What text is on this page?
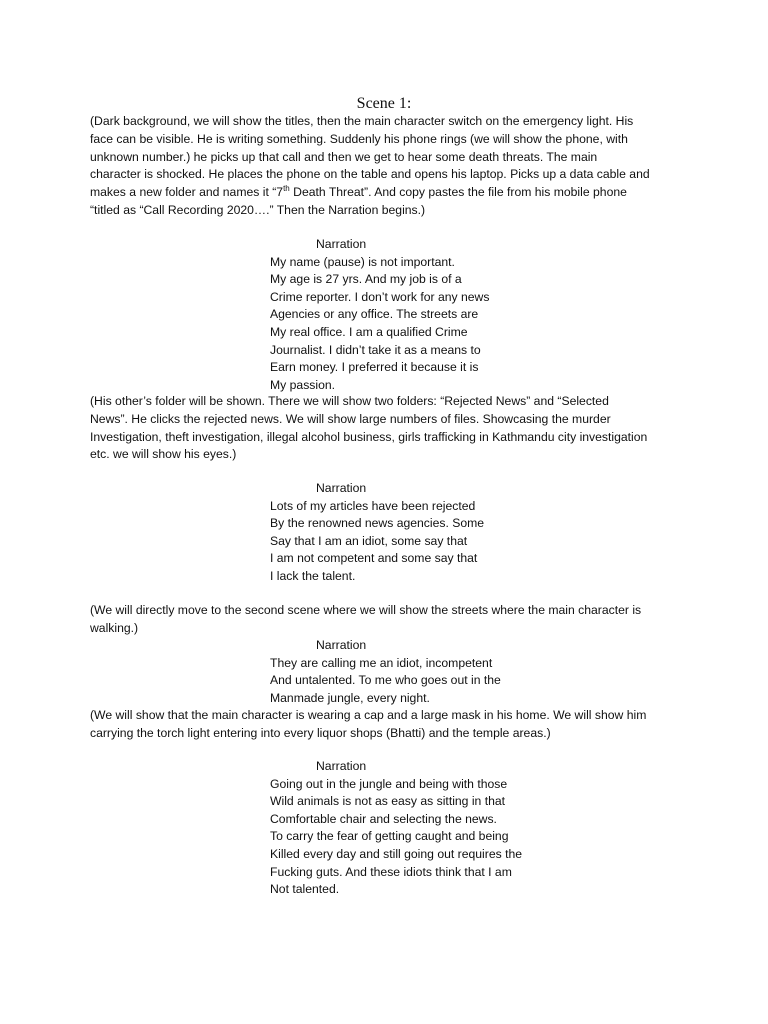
Scene 1:
(Dark background, we will show the titles, then the main character switch on the emergency light. His
face can be visible. He is writing something. Suddenly his phone rings (we will show the phone, with
unknown number.) he picks up that call and then we get to hear some death threats. The main
character is shocked. He places the phone on the table and opens his laptop. Picks up a data cable and
makes a new folder and names it “7th Death Threat”. And copy pastes the file from his mobile phone
“titled as “Call Recording 2020….” Then the Narration begins.)
Narration
My name (pause) is not important.
My age is 27 yrs. And my job is of a
Crime reporter. I don’t work for any news
Agencies or any office. The streets are
My real office. I am a qualified Crime
Journalist. I didn’t take it as a means to
Earn money. I preferred it because it is
My passion.
(His other’s folder will be shown. There we will show two folders: “Rejected News” and “Selected
News”. He clicks the rejected news. We will show large numbers of files. Showcasing the murder
Investigation, theft investigation, illegal alcohol business, girls trafficking in Kathmandu city investigation
etc. we will show his eyes.)
Narration
Lots of my articles have been rejected
By the renowned news agencies. Some
Say that I am an idiot, some say that
I am not competent and some say that
I lack the talent.
(We will directly move to the second scene where we will show the streets where the main character is
walking.)
Narration
They are calling me an idiot, incompetent
And untalented. To me who goes out in the
Manmade jungle, every night.
(We will show that the main character is wearing a cap and a large mask in his home. We will show him
carrying the torch light entering into every liquor shops (Bhatti) and the temple areas.)
Narration
Going out in the jungle and being with those
Wild animals is not as easy as sitting in that
Comfortable chair and selecting the news.
To carry the fear of getting caught and being
Killed every day and still going out requires the
Fucking guts. And these idiots think that I am
Not talented.
